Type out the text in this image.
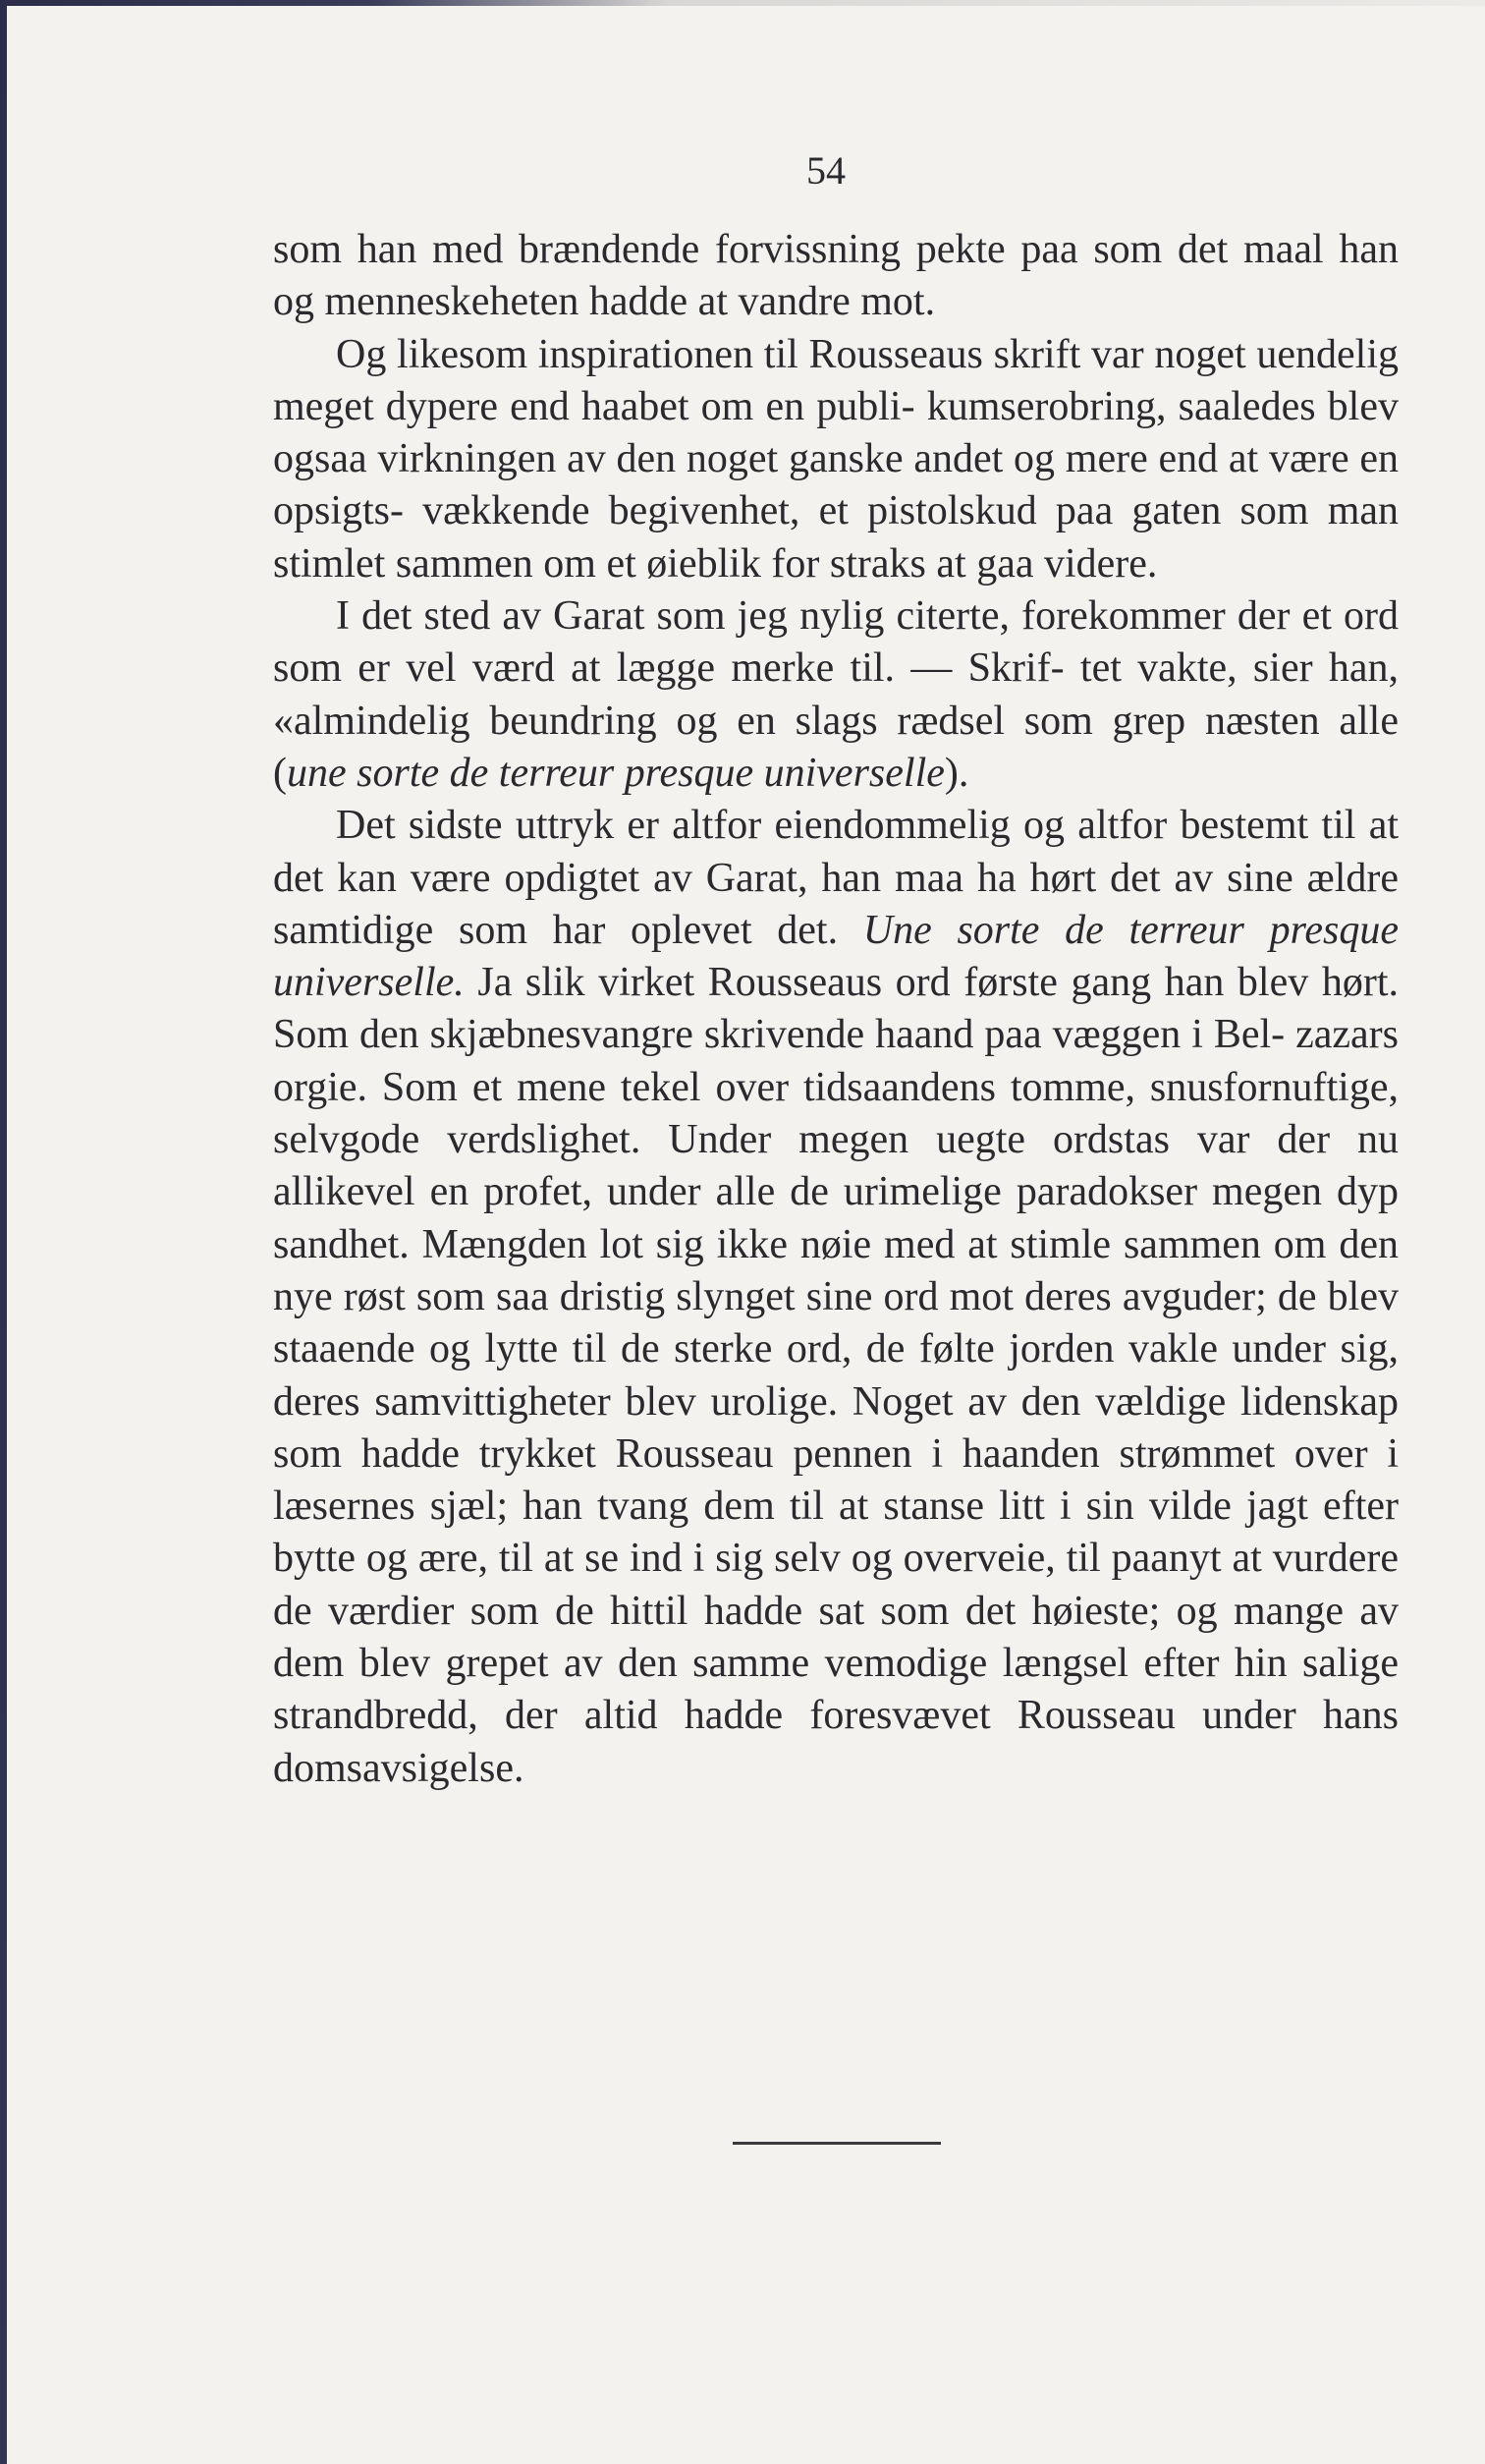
54

som han med brændende forvissning pekte paa som det maal han og menneskeheten hadde at vandre mot.

Og likesom inspirationen til Rousseaus skrift var noget uendelig meget dypere end haabet om en publi- kumserobring, saaledes blev ogsaa virkningen av den noget ganske andet og mere end at være en opsigts- vækkende begivenhet, et pistolskud paa gaten som man stimlet sammen om et øieblik for straks at gaa videre.

I det sted av Garat som jeg nylig citerte, forekommer der et ord som er vel værd at lægge merke til. — Skrif- tet vakte, sier han, «almindelig beundring og en slags rædsel som grep næsten alle (une sorte de terreur presque universelle).

Det sidste uttryk er altfor eiendommelig og altfor bestemt til at det kan være opdigtet av Garat, han maa ha hørt det av sine ældre samtidige som har oplevet det. Une sorte de terreur presque universelle. Ja slik virket Rousseaus ord første gang han blev hørt. Som den skjæbnesvangre skrivende haand paa væggen i Bel- zazars orgie. Som et mene tekel over tidsaandens tomme, snusfornuftige, selvgode verdslighet. Under megen uegte ordstas var der nu allikevel en profet, under alle de urimelige paradokser megen dyp sandhet. Mængden lot sig ikke nøie med at stimle sammen om den nye røst som saa dristig slynget sine ord mot deres avguder; de blev staaende og lytte til de sterke ord, de følte jorden vakle under sig, deres samvittigheter blev urolige. Noget av den vældige lidenskap som hadde trykket Rousseau pennen i haanden strømmet over i læsernes sjæl; han tvang dem til at stanse litt i sin vilde jagt efter bytte og ære, til at se ind i sig selv og overveie, til paanyt at vurdere de værdier som de hittil hadde sat som det høieste; og mange av dem blev grepet av den samme vemodige længsel efter hin salige strandbredd, der altid hadde foresvævet Rousseau under hans domsavsigelse.
